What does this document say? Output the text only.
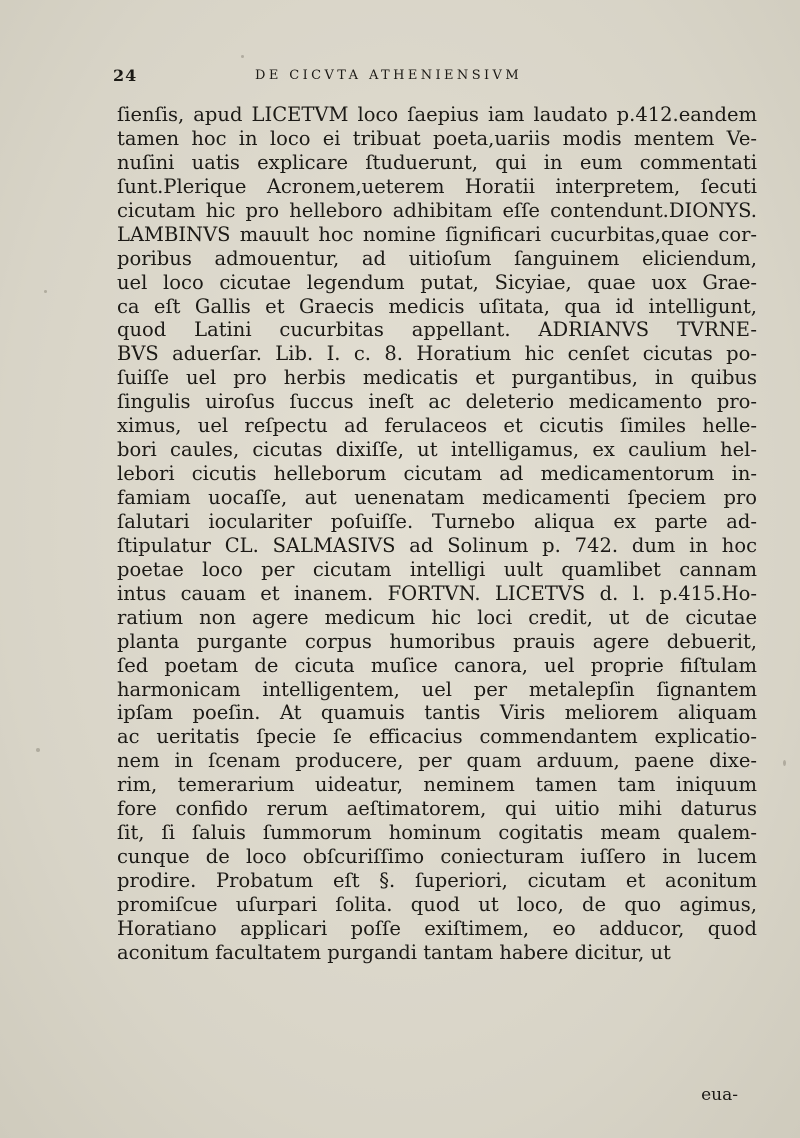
24	DE CICVTA ATHENIENSIVM
ſienſis, apud LICETVM loco ſaepius iam laudato p.412.eandem
tamen hoc in loco ei tribuat poeta,uariis modis mentem Ve-
nuſini uatis explicare ſtuduerunt, qui in eum commentati
ſunt.Plerique Acronem,ueterem Horatii interpretem, ſecuti
cicutam hic pro helleboro adhibitam eſſe contendunt.DIONYS.
LAMBINVS mauult hoc nomine ſignificari cucurbitas,quae cor-
poribus admouentur, ad uitioſum ſanguinem eliciendum,
uel loco cicutae legendum putat, Sicyiae, quae uox Grae-
ca eſt Gallis et Graecis medicis uſitata, qua id intelligunt,
quod Latini cucurbitas appellant. ADRIANVS TVRNE-
BVS aduerſar. Lib. I. c. 8. Horatium hic cenſet cicutas po-
ſuiſſe uel pro herbis medicatis et purgantibus, in quibus
ſingulis uiroſus ſuccus ineſt ac deleterio medicamento pro-
ximus, uel reſpectu ad ferulaceos et cicutis ſimiles helle-
bori caules, cicutas dixiſſe, ut intelligamus, ex caulium hel-
lebori cicutis helleborum cicutam ad medicamentorum in-
famiam uocaſſe, aut uenenatam medicamenti ſpeciem pro
ſalutari ioculariter poſuiſſe. Turnebo aliqua ex parte ad-
ſtipulatur CL. SALMASIVS ad Solinum p. 742. dum in hoc
poetae loco per cicutam intelligi uult quamlibet cannam
intus cauam et inanem. FORTVN. LICETVS d. l. p.415.Ho-
ratium non agere medicum hic loci credit, ut de cicutae
planta purgante corpus humoribus prauis agere debuerit,
ſed poetam de cicuta muſice canora, uel proprie fiſtulam
harmonicam intelligentem, uel per metalepſin ſignantem
ipſam poeſin. At quamuis tantis Viris meliorem aliquam
ac ueritatis ſpecie ſe efficacius commendantem explicatio-
nem in ſcenam producere, per quam arduum, paene dixe-
rim, temerarium uideatur, neminem tamen tam iniquum
fore confido rerum aeſtimatorem, qui uitio mihi daturus
ſit, ſi ſaluis ſummorum hominum cogitatis meam qualem-
cunque de loco obſcuriſſimo coniecturam iuſſero in lucem
prodire. Probatum eſt §. ſuperiori, cicutam et aconitum
promiſcue uſurpari ſolita. quod ut loco, de quo agimus,
Horatiano applicari poſſe exiſtimem, eo adducor, quod
aconitum facultatem purgandi tantam habere dicitur, ut
eua-
